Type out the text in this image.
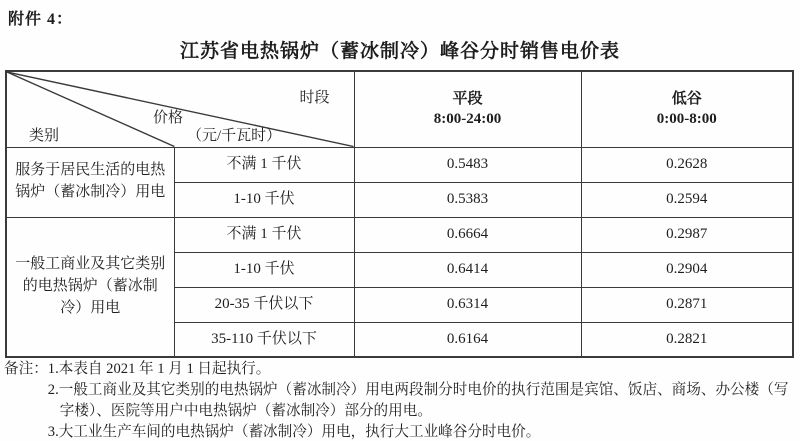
附件 4：
江苏省电热锅炉（蓄冰制冷）峰谷分时销售电价表
时段
价格
（元/千瓦时）
类别

平段
8:00-24:00

低谷
0:00-8:00

服务于居民生活的电热锅炉（蓄冰制冷）用电	不满 1 千伏	0.5483	0.2628
	1-10 千伏	0.5383	0.2594
一般工商业及其它类别的电热锅炉（蓄冰制冷）用电	不满 1 千伏	0.6664	0.2987
	1-10 千伏	0.6414	0.2904
	20-35 千伏以下	0.6314	0.2871
	35-110 千伏以下	0.6164	0.2821
备注： 1.本表自 2021 年 1 月 1 日起执行。
2.一般工商业及其它类别的电热锅炉（蓄冰制冷）用电两段制分时电价的执行范围是宾馆、饭店、商场、办公楼（写字楼）、医院等用户中电热锅炉（蓄冰制冷）部分的用电。
3.大工业生产车间的电热锅炉（蓄冰制冷）用电，执行大工业峰谷分时电价。
